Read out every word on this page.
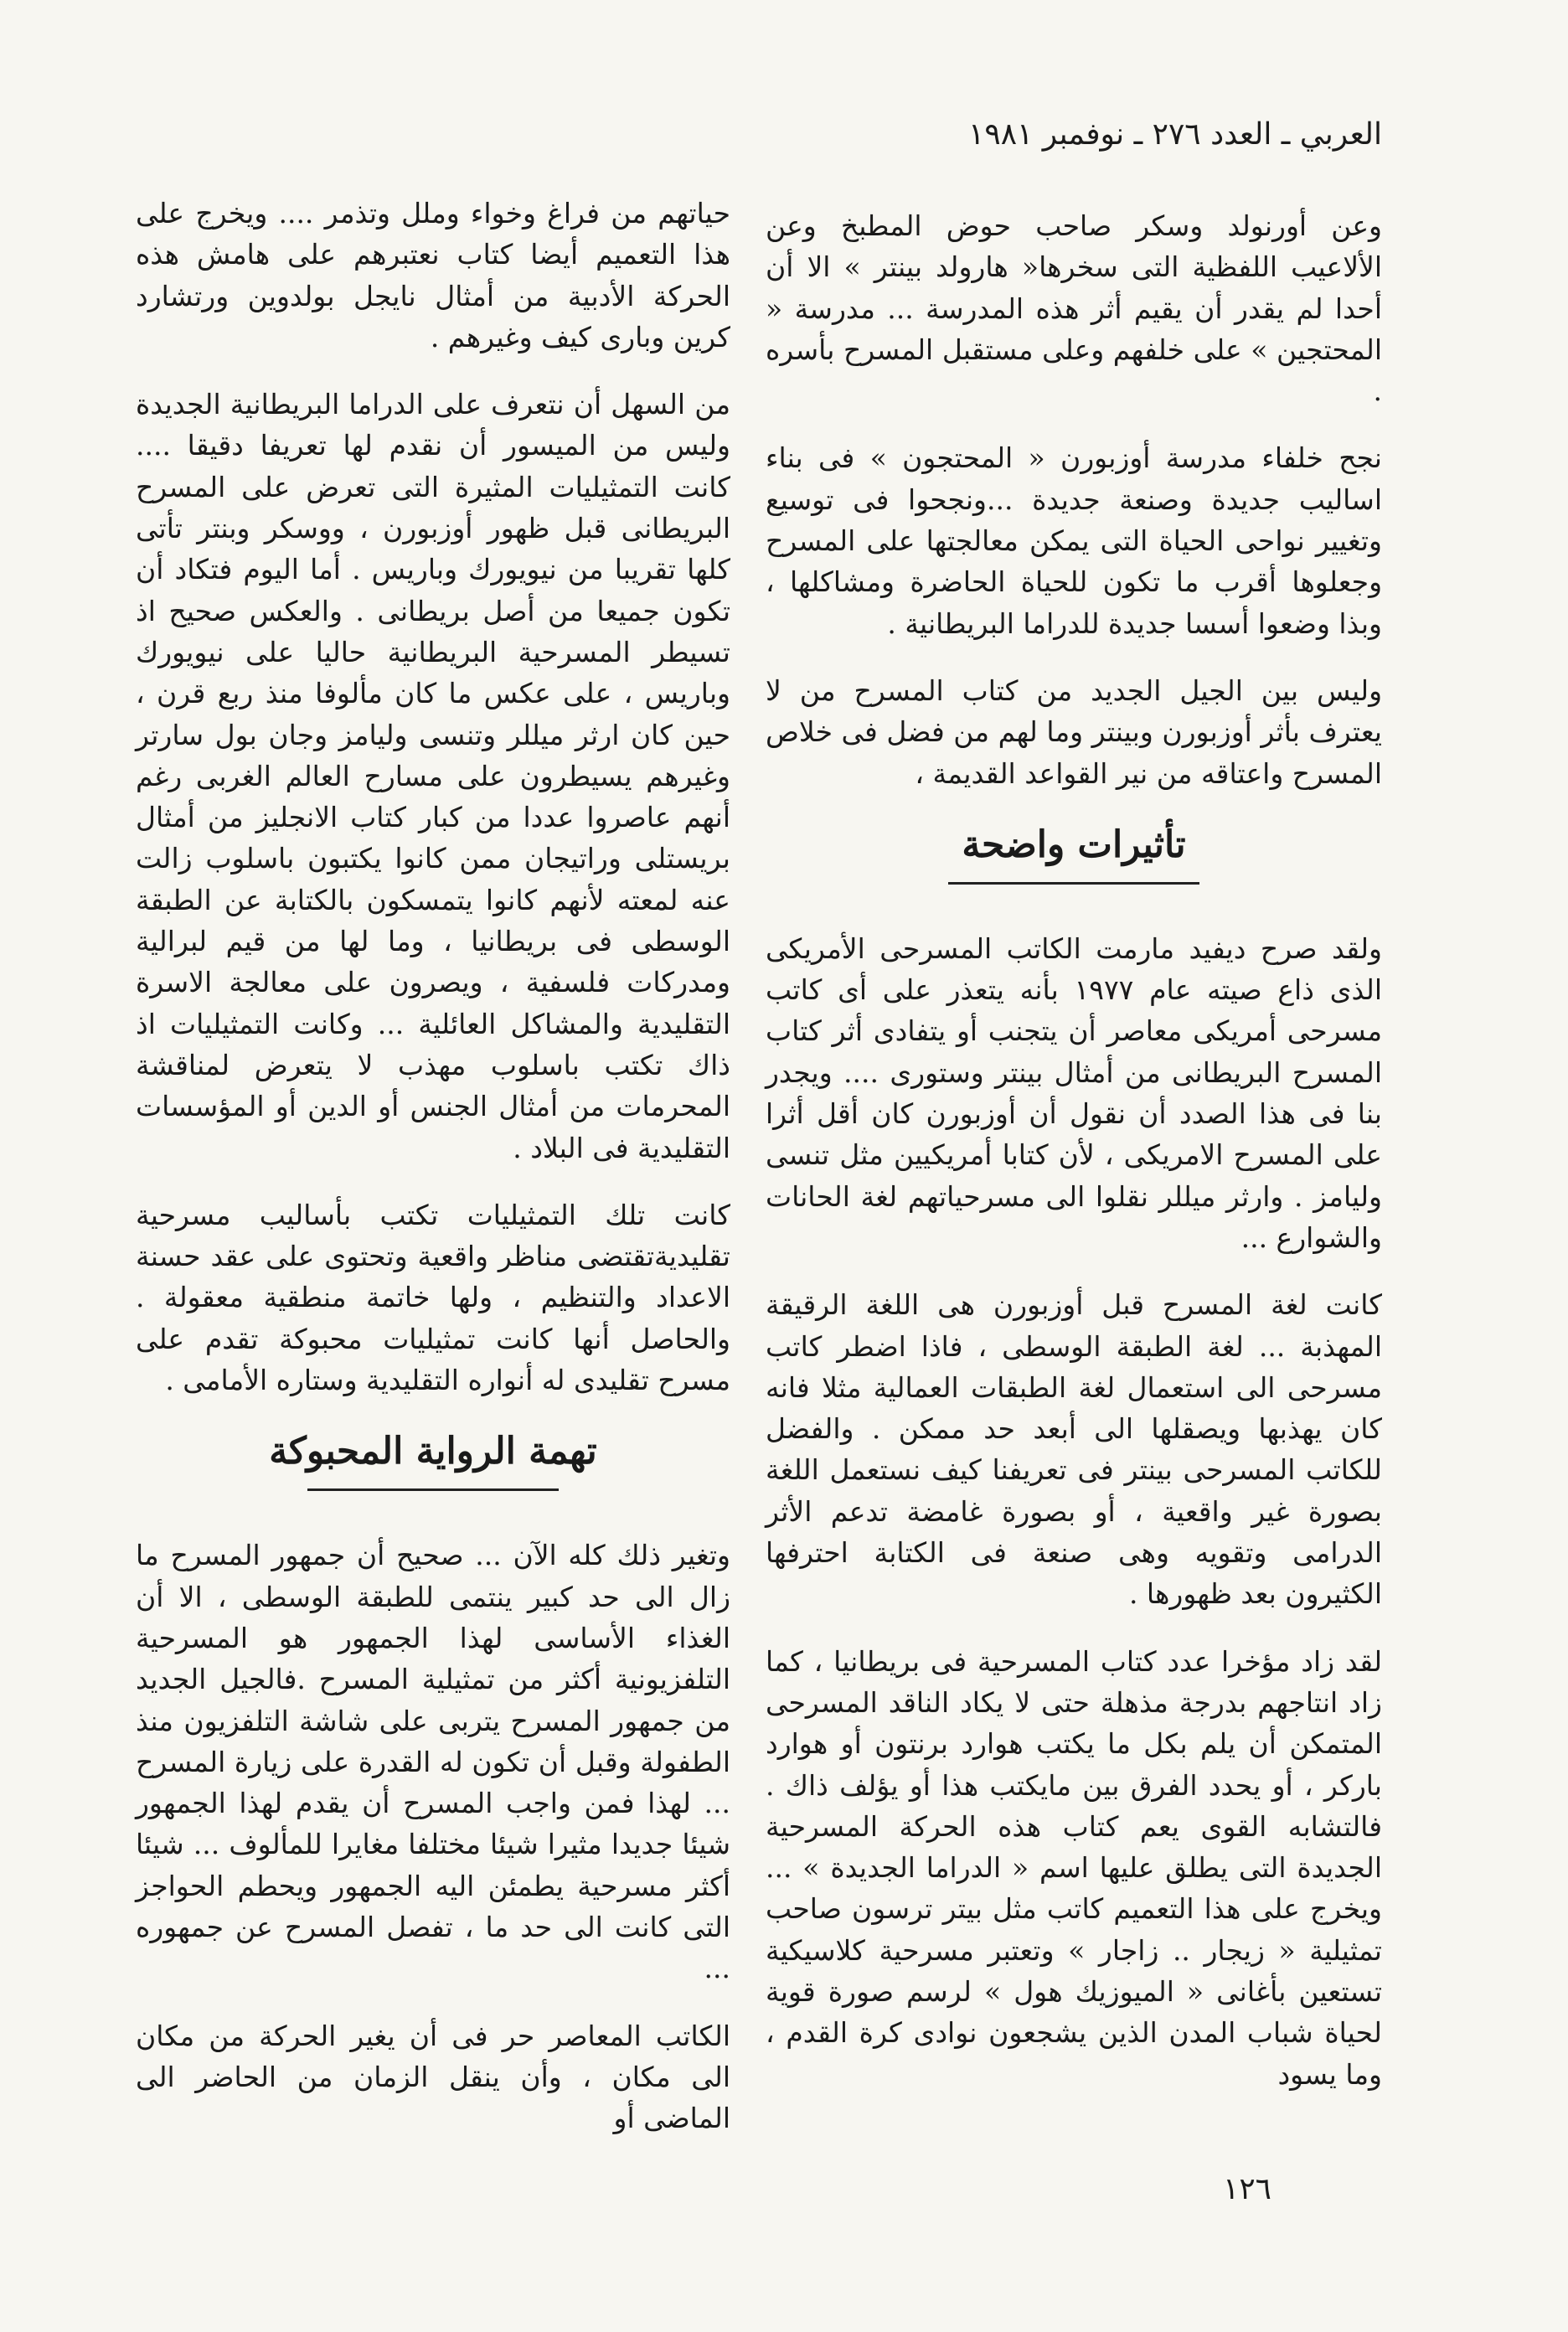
العربي ـ العدد ٢٧٦ ـ نوفمبر ١٩٨١

وعن أورنولد وسكر صاحب حوض المطبخ وعن الألاعيب اللفظية التى سخرها« هارولد بينتر » الا أن أحدا لم يقدر أن يقيم أثر هذه المدرسة ... مدرسة « المحتجين » على خلفهم وعلى مستقبل المسرح بأسره .

نجح خلفاء مدرسة أوزبورن « المحتجون » فى بناء اساليب جديدة وصنعة جديدة ...ونجحوا فى توسيع وتغيير نواحى الحياة التى يمكن معالجتها على المسرح وجعلوها أقرب ما تكون للحياة الحاضرة ومشاكلها ، وبذا وضعوا أسسا جديدة للدراما البريطانية .

وليس بين الجيل الجديد من كتاب المسرح من لا يعترف بأثر أوزبورن وبينتر وما لهم من فضل فى خلاص المسرح واعتاقه من نير القواعد القديمة ،

تأثيرات واضحة

ولقد صرح ديفيد مارمت الكاتب المسرحى الأمريكى الذى ذاع صيته عام ١٩٧٧ بأنه يتعذر على أى كاتب مسرحى أمريكى معاصر أن يتجنب أو يتفادى أثر كتاب المسرح البريطانى من أمثال بينتر وستورى .... ويجدر بنا فى هذا الصدد أن نقول أن أوزبورن كان أقل أثرا على المسرح الامريكى ، لأن كتابا أمريكيين مثل تنسى وليامز . وارثر ميللر نقلوا الى مسرحياتهم لغة الحانات والشوارع ...

كانت لغة المسرح قبل أوزبورن هى اللغة الرقيقة المهذبة ... لغة الطبقة الوسطى ، فاذا اضطر كاتب مسرحى الى استعمال لغة الطبقات العمالية مثلا فانه كان يهذبها ويصقلها الى أبعد حد ممكن . والفضل للكاتب المسرحى بينتر فى تعريفنا كيف نستعمل اللغة بصورة غير واقعية ، أو بصورة غامضة تدعم الأثر الدرامى وتقويه وهى صنعة فى الكتابة احترفها الكثيرون بعد ظهورها .

لقد زاد مؤخرا عدد كتاب المسرحية فى بريطانيا ، كما زاد انتاجهم بدرجة مذهلة حتى لا يكاد الناقد المسرحى المتمكن أن يلم بكل ما يكتب هوارد برنتون أو هوارد باركر ، أو يحدد الفرق بين مايكتب هذا أو يؤلف ذاك . فالتشابه القوى يعم كتاب هذه الحركة المسرحية الجديدة التى يطلق عليها اسم « الدراما الجديدة » ... ويخرج على هذا التعميم كاتب مثل بيتر ترسون صاحب تمثيلية « زيجار .. زاجار » وتعتبر مسرحية كلاسيكية تستعين بأغانى « الميوزيك هول » لرسم صورة قوية لحياة شباب المدن الذين يشجعون نوادى كرة القدم ، وما يسود

حياتهم من فراغ وخواء وملل وتذمر .... ويخرج على هذا التعميم أيضا كتاب نعتبرهم على هامش هذه الحركة الأدبية من أمثال نايجل بولدوين ورتشارد كرين وبارى كيف وغيرهم .

من السهل أن نتعرف على الدراما البريطانية الجديدة وليس من الميسور أن نقدم لها تعريفا دقيقا .... كانت التمثيليات المثيرة التى تعرض على المسرح البريطانى قبل ظهور أوزبورن ، ووسكر وبنتر تأتى كلها تقريبا من نيويورك وباريس . أما اليوم فتكاد أن تكون جميعا من أصل بريطانى . والعكس صحيح اذ تسيطر المسرحية البريطانية حاليا على نيويورك وباريس ، على عكس ما كان مألوفا منذ ربع قرن ، حين كان ارثر ميللر وتنسى وليامز وجان بول سارتر وغيرهم يسيطرون على مسارح العالم الغربى رغم أنهم عاصروا عددا من كبار كتاب الانجليز من أمثال بريستلى وراتيجان ممن كانوا يكتبون باسلوب زالت عنه لمعته لأنهم كانوا يتمسكون بالكتابة عن الطبقة الوسطى فى بريطانيا ، وما لها من قيم لبرالية ومدركات فلسفية ، ويصرون على معالجة الاسرة التقليدية والمشاكل العائلية ... وكانت التمثيليات اذ ذاك تكتب باسلوب مهذب لا يتعرض لمناقشة المحرمات من أمثال الجنس أو الدين أو المؤسسات التقليدية فى البلاد .

كانت تلك التمثيليات تكتب بأساليب مسرحية تقليديةتقتضى مناظر واقعية وتحتوى على عقد حسنة الاعداد والتنظيم ، ولها خاتمة منطقية معقولة . والحاصل أنها كانت تمثيليات محبوكة تقدم على مسرح تقليدى له أنواره التقليدية وستاره الأمامى .

تهمة الرواية المحبوكة

وتغير ذلك كله الآن ... صحيح أن جمهور المسرح ما زال الى حد كبير ينتمى للطبقة الوسطى ، الا أن الغذاء الأساسى لهذا الجمهور هو المسرحية التلفزيونية أكثر من تمثيلية المسرح .فالجيل الجديد من جمهور المسرح يتربى على شاشة التلفزيون منذ الطفولة وقبل أن تكون له القدرة على زيارة المسرح ... لهذا فمن واجب المسرح أن يقدم لهذا الجمهور شيئا جديدا مثيرا شيئا مختلفا مغايرا للمألوف ... شيئا أكثر مسرحية يطمئن اليه الجمهور ويحطم الحواجز التى كانت الى حد ما ، تفصل المسرح عن جمهوره ...

الكاتب المعاصر حر فى أن يغير الحركة من مكان الى مكان ، وأن ينقل الزمان من الحاضر الى الماضى أو

١٢٦
